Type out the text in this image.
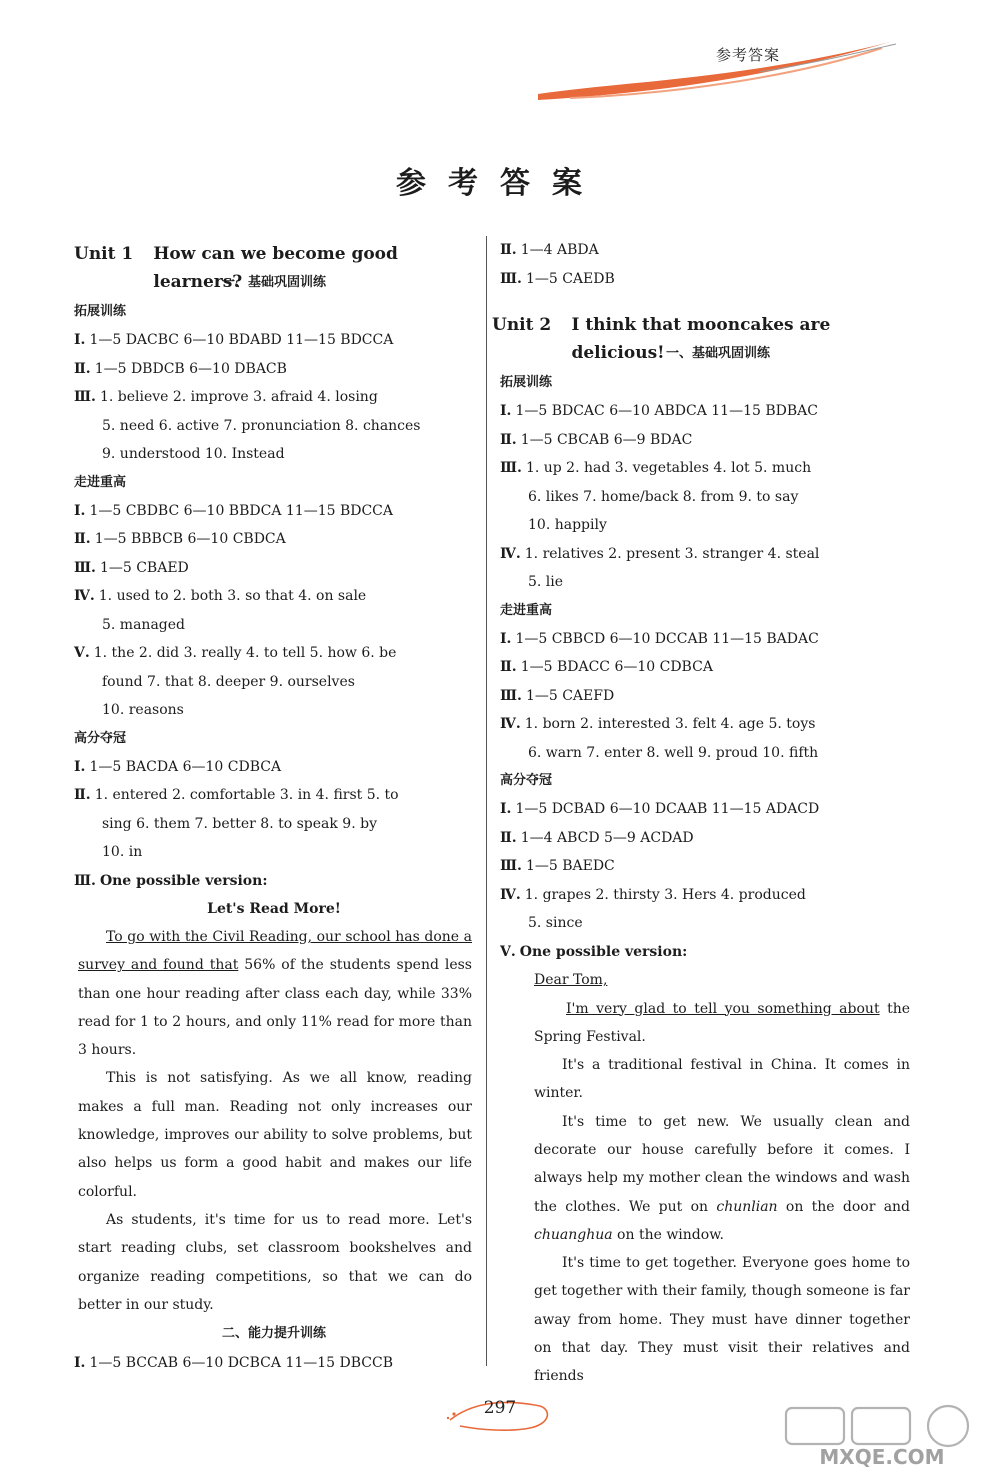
参考答案
参考答案
Unit 1	How can we become good learners?
一、基础巩固训练
拓展训练
Ⅰ. 1—5 DACBC 6—10 BDABD 11—15 BDCCA
Ⅱ. 1—5 DBDCB 6—10 DBACB
Ⅲ. 1. believe 2. improve 3. afraid 4. losing
5. need 6. active 7. pronunciation 8. chances
9. understood 10. Instead
走进重高
Ⅰ. 1—5 CBDBC 6—10 BBDCA 11—15 BDCCA
Ⅱ. 1—5 BBBCB 6—10 CBDCA
Ⅲ. 1—5 CBAED
Ⅳ. 1. used to 2. both 3. so that 4. on sale
5. managed
Ⅴ. 1. the 2. did 3. really 4. to tell 5. how 6. be
found 7. that 8. deeper 9. ourselves
10. reasons
高分夺冠
Ⅰ. 1—5 BACDA 6—10 CDBCA
Ⅱ. 1. entered 2. comfortable 3. in 4. first 5. to
sing 6. them 7. better 8. to speak 9. by
10. in
Ⅲ. One possible version:
Let's Read More!

To go with the Civil Reading, our school has done a survey and found that 56% of the students spend less than one hour reading after class each day, while 33% read for 1 to 2 hours, and only 11% read for more than 3 hours.

This is not satisfying. As we all know, reading makes a full man. Reading not only increases our knowledge, improves our ability to solve problems, but also helps us form a good habit and makes our life colorful.

As students, it's time for us to read more. Let's start reading clubs, set classroom bookshelves and organize reading competitions, so that we can do better in our study.

二、能力提升训练
Ⅰ. 1—5 BCCAB 6—10 DCBCA 11—15 DBCCB
Ⅱ. 1—4 ABDA
Ⅲ. 1—5 CAEDB
Unit 2	I think that mooncakes are delicious! 一、基础巩固训练
拓展训练
Ⅰ. 1—5 BDCAC 6—10 ABDCA 11—15 BDBAC
Ⅱ. 1—5 CBCAB 6—9 BDAC
Ⅲ. 1. up 2. had 3. vegetables 4. lot 5. much
6. likes 7. home/back 8. from 9. to say
10. happily
Ⅳ. 1. relatives 2. present 3. stranger 4. steal
5. lie
走进重高
Ⅰ. 1—5 CBBCD 6—10 DCCAB 11—15 BADAC
Ⅱ. 1—5 BDACC 6—10 CDBCA
Ⅲ. 1—5 CAEFD
Ⅳ. 1. born 2. interested 3. felt 4. age 5. toys
6. warn 7. enter 8. well 9. proud 10. fifth
高分夺冠
Ⅰ. 1—5 DCBAD 6—10 DCAAB 11—15 ADACD
Ⅱ. 1—4 ABCD 5—9 ACDAD
Ⅲ. 1—5 BAEDC
Ⅳ. 1. grapes 2. thirsty 3. Hers 4. produced
5. since
Ⅴ. One possible version:
Dear Tom,

I'm very glad to tell you something about the Spring Festival.

It's a traditional festival in China. It comes in winter.

It's time to get new. We usually clean and decorate our house carefully before it comes. I always help my mother clean the windows and wash the clothes. We put on chunlian on the door and chuanghua on the window.

It's time to get together. Everyone goes home to get together with their family, though someone is far away from home. They must have dinner together on that day. They must visit their relatives and friends

297
MXQE.COM
